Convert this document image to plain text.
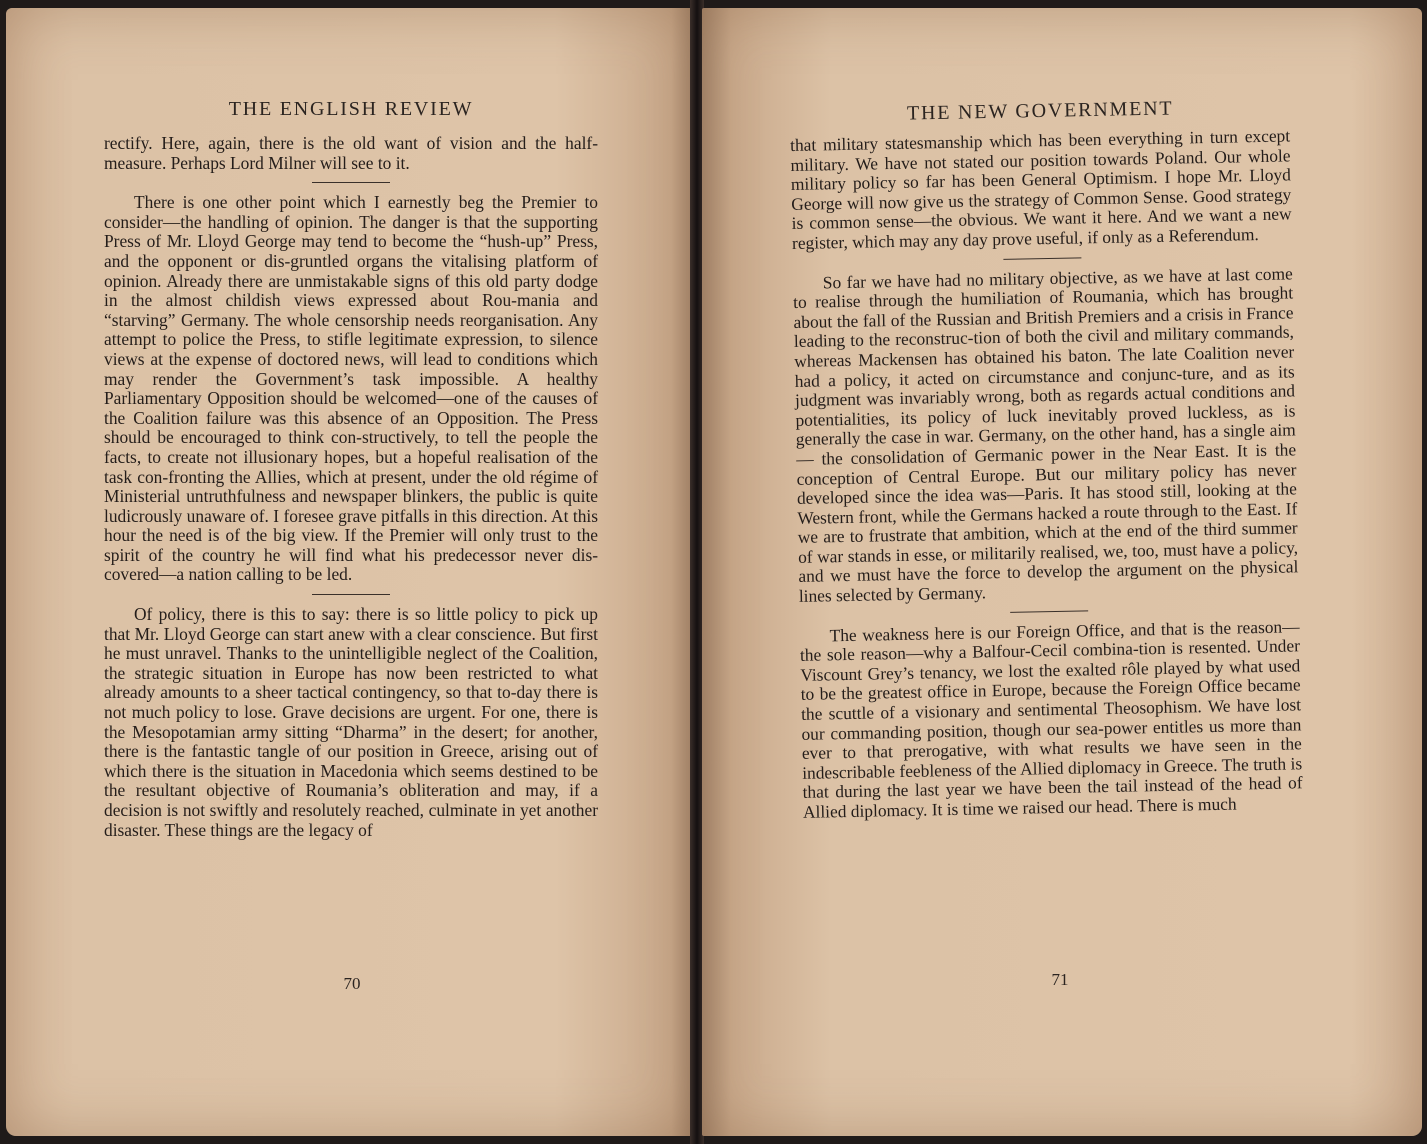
THE ENGLISH REVIEW	THE NEW GOVERNMENT

rectify. Here, again, there is the old want of vision and the half-measure. Perhaps Lord Milner will see to it.

There is one other point which I earnestly beg the Premier to consider—the handling of opinion. The danger is that the supporting Press of Mr. Lloyd George may tend to become the “hush-up” Press, and the opponent or dis-gruntled organs the vitalising platform of opinion. Already there are unmistakable signs of this old party dodge in the almost childish views expressed about Rou-mania and “starving” Germany. The whole censorship needs reorganisation. Any attempt to police the Press, to stifle legitimate expression, to silence views at the expense of doctored news, will lead to conditions which may render the Government’s task impossible. A healthy Parliamentary Opposition should be welcomed—one of the causes of the Coalition failure was this absence of an Opposition. The Press should be encouraged to think con-structively, to tell the people the facts, to create not illusionary hopes, but a hopeful realisation of the task con-fronting the Allies, which at present, under the old régime of Ministerial untruthfulness and newspaper blinkers, the public is quite ludicrously unaware of. I foresee grave pitfalls in this direction. At this hour the need is of the big view. If the Premier will only trust to the spirit of the country he will find what his predecessor never dis-covered—a nation calling to be led.

Of policy, there is this to say: there is so little policy to pick up that Mr. Lloyd George can start anew with a clear conscience. But first he must unravel. Thanks to the unintelligible neglect of the Coalition, the strategic situation in Europe has now been restricted to what already amounts to a sheer tactical contingency, so that to-day there is not much policy to lose. Grave decisions are urgent. For one, there is the Mesopotamian army sitting “Dharma” in the desert; for another, there is the fantastic tangle of our position in Greece, arising out of which there is the situation in Macedonia which seems destined to be the resultant objective of Roumania’s obliteration and may, if a decision is not swiftly and resolutely reached, culminate in yet another disaster. These things are the legacy of

that military statesmanship which has been everything in turn except military. We have not stated our position towards Poland. Our whole military policy so far has been General Optimism. I hope Mr. Lloyd George will now give us the strategy of Common Sense. Good strategy is common sense—the obvious. We want it here. And we want a new register, which may any day prove useful, if only as a Referendum.

So far we have had no military objective, as we have at last come to realise through the humiliation of Roumania, which has brought about the fall of the Russian and British Premiers and a crisis in France leading to the reconstruc-tion of both the civil and military commands, whereas Mackensen has obtained his baton. The late Coalition never had a policy, it acted on circumstance and conjunc-ture, and as its judgment was invariably wrong, both as regards actual conditions and potentialities, its policy of luck inevitably proved luckless, as is generally the case in war. Germany, on the other hand, has a single aim— the consolidation of Germanic power in the Near East. It is the conception of Central Europe. But our military policy has never developed since the idea was—Paris. It has stood still, looking at the Western front, while the Germans hacked a route through to the East. If we are to frustrate that ambition, which at the end of the third summer of war stands in esse, or militarily realised, we, too, must have a policy, and we must have the force to develop the argument on the physical lines selected by Germany.

The weakness here is our Foreign Office, and that is the reason—the sole reason—why a Balfour-Cecil combina-tion is resented. Under Viscount Grey’s tenancy, we lost the exalted rôle played by what used to be the greatest office in Europe, because the Foreign Office became the scuttle of a visionary and sentimental Theosophism. We have lost our commanding position, though our sea-power entitles us more than ever to that prerogative, with what results we have seen in the indescribable feebleness of the Allied diplomacy in Greece. The truth is that during the last year we have been the tail instead of the head of Allied diplomacy. It is time we raised our head. There is much

70	71
